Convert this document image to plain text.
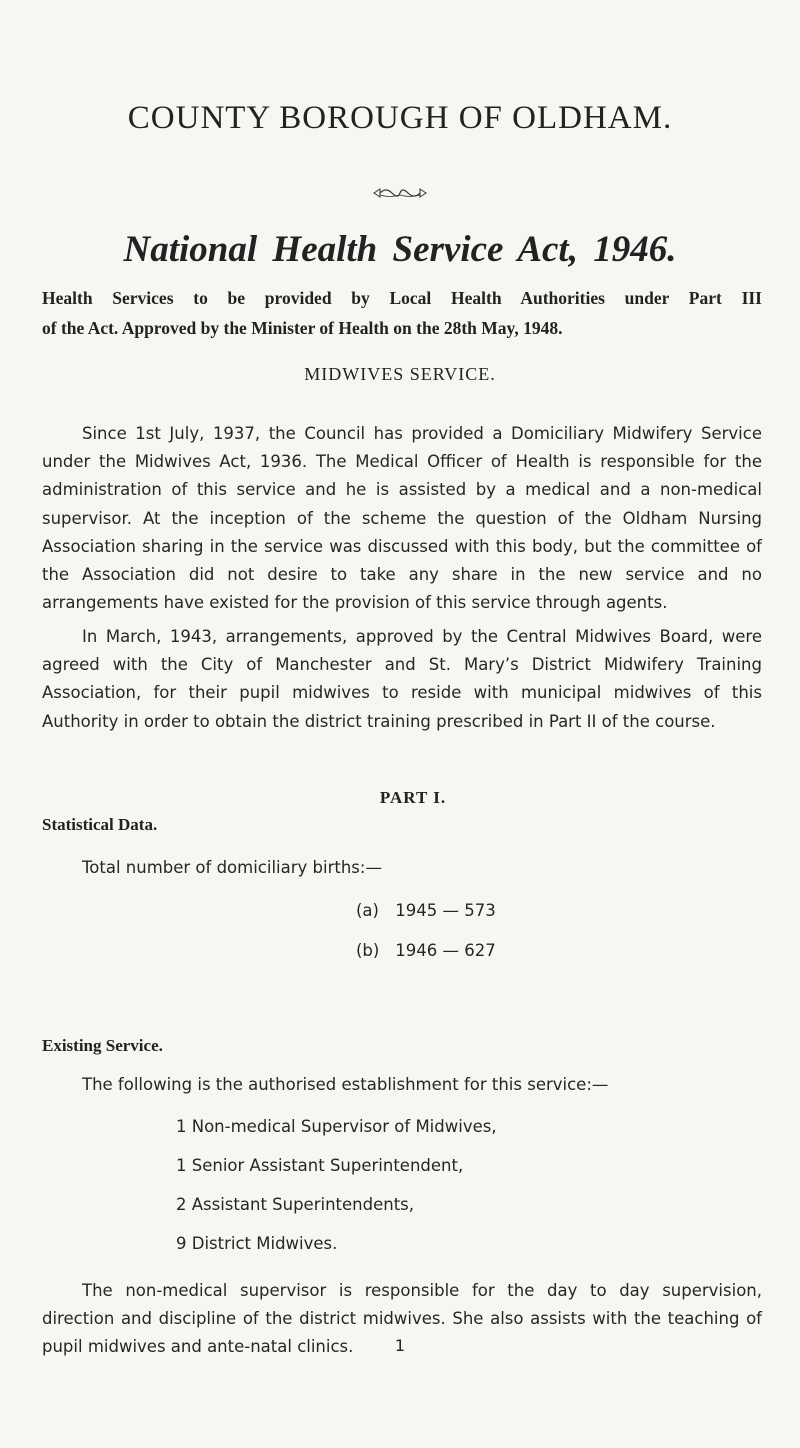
COUNTY BOROUGH OF OLDHAM.
National Health Service Act, 1946.
Health Services to be provided by Local Health Authorities under Part III
of the Act. Approved by the Minister of Health on the 28th May, 1948.
MIDWIVES SERVICE.
Since 1st July, 1937, the Council has provided a Domiciliary Midwifery Service under the Midwives Act, 1936. The Medical Officer of Health is responsible for the administration of this service and he is assisted by a medical and a non-medical supervisor. At the inception of the scheme the question of the Oldham Nursing Association sharing in the service was discussed with this body, but the committee of the Association did not desire to take any share in the new service and no arrangements have existed for the provision of this service through agents.
In March, 1943, arrangements, approved by the Central Midwives Board, were agreed with the City of Manchester and St. Mary’s District Midwifery Training Association, for their pupil midwives to reside with municipal midwives of this Authority in order to obtain the district training prescribed in Part II of the course.
PART I.
Statistical Data.
Total number of domiciliary births:—
(a) 1945 — 573
(b) 1946 — 627
Existing Service.
The following is the authorised establishment for this service:—
1 Non-medical Supervisor of Midwives,
1 Senior Assistant Superintendent,
2 Assistant Superintendents,
9 District Midwives.
The non-medical supervisor is responsible for the day to day supervision, direction and discipline of the district midwives. She also assists with the teaching of pupil midwives and ante-natal clinics.	1
